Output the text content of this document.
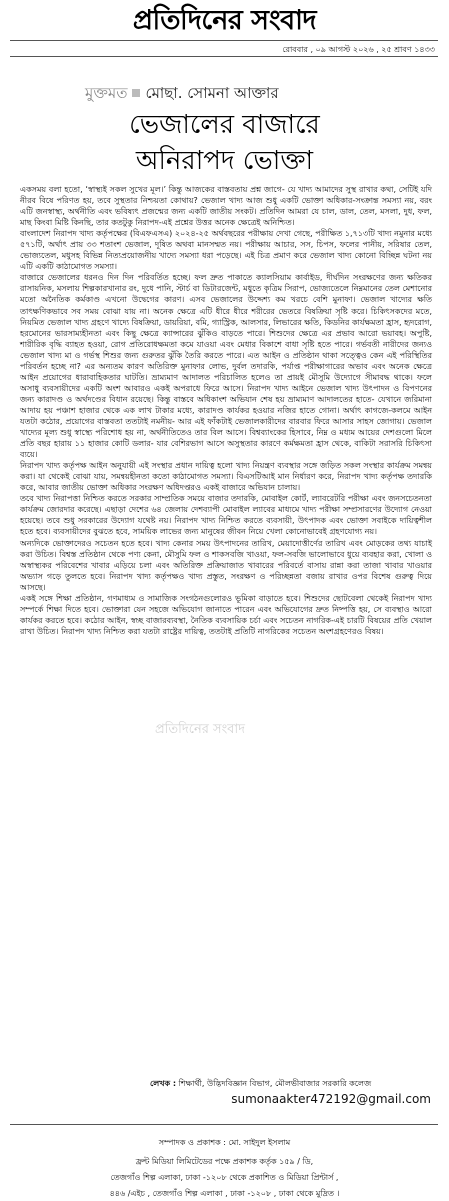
প্রতিদিনের সংবাদ
রোববার , ০৯ আগস্ট ২০২৬ , ২৫ শ্রাবণ ১৪৩৩
মুক্তমত মোছা. সোমনা আক্তার
ভেজালের বাজারে
অনিরাপদ ভোক্তা

একসময় বলা হতো, ‘স্বাস্থ্যই সকল সুখের মূল।’ কিন্তু আজকের বাস্তবতায় প্রশ্ন জাগে- যে খাদ্য আমাদের সুস্থ রাখার কথা, সেটিই যদি নীরব বিষে পরিণত হয়, তবে সুস্থতার নিশ্চয়তা কোথায়? ভেজাল খাদ্য আজ শুধু একটি ভোক্তা অধিকার-সংক্রান্ত সমস্যা নয়, বরং এটি জনস্বাস্থ্য, অর্থনীতি এবং ভবিষ্যৎ প্রজন্মের জন্য একটি জাতীয় সংকট। প্রতিদিন আমরা যে চাল, ডাল, তেল, মসলা, দুধ, ফল, মাছ কিংবা মিষ্টি কিনছি, তার কতটুকু নিরাপদ-এই প্রশ্নের উত্তর অনেক ক্ষেত্রেই অনিশ্চিত।

বাংলাদেশ নিরাপদ খাদ্য কর্তৃপক্ষের (বিএফএসএ) ২০২৪-২৫ অর্থবছরের পরীক্ষায় দেখা গেছে, পরীক্ষিত ১,৭১৩টি খাদ্য নমুনার মধ্যে ৫৭১টি, অর্থাৎ প্রায় ৩৩ শতাংশ ভেজাল, দূষিত অথবা মানসম্মত নয়। পরীক্ষায় আচার, সস, চিপস, ফলের পানীয়, সরিষার তেল, ভোজ্যতেল, মধুসহ বিভিন্ন নিত্যপ্রয়োজনীয় খাদ্যে সমস্যা ধরা পড়েছে। এই চিত্র প্রমাণ করে ভেজাল খাদ্য কোনো বিচ্ছিন্ন ঘটনা নয় এটি একটি কাঠামোগত সমস্যা।

বাজারে ভেজালের ধরনও দিন দিন পরিবর্তিত হচ্ছে। ফল দ্রুত পাকাতে ক্যালসিয়াম কার্বাইড, দীর্ঘদিন সংরক্ষণের জন্য ক্ষতিকর রাসায়নিক, মসলায় শিল্পকারখানার রং, দুধে পানি, স্টার্চ বা ডিটারজেন্ট, মধুতে কৃত্রিম সিরাপ, ভোজ্যতেলে নিম্নমানের তেল মেশানোর মতো অনৈতিক কর্মকাণ্ড এখনো উদ্বেগের কারণ। এসব ভেজালের উদ্দেশ্য কম খরচে বেশি মুনাফা। ভেজাল খাদ্যের ক্ষতি তাৎক্ষণিকভাবে সব সময় বোঝা যায় না। অনেক ক্ষেত্রে এটি ধীরে ধীরে শরীরের ভেতরে বিষক্রিয়া সৃষ্টি করে। চিকিৎসকদের মতে, নিয়মিত ভেজাল খাদ্য গ্রহণে খাদ্যে বিষক্রিয়া, ডায়রিয়া, বমি, গ্যাস্ট্রিক, আলসার, লিভারের ক্ষতি, কিডনির কার্যক্ষমতা হ্রাস, হৃদরোগ, হরমোনের ভারসাম্যহীনতা এবং কিছু ক্ষেত্রে ক্যান্সারের ঝুঁকিও বাড়তে পারে। শিশুদের ক্ষেত্রে এর প্রভাব আরো ভয়াবহ। অপুষ্টি, শারীরিক বৃদ্ধি ব্যাহত হওয়া, রোগ প্রতিরোধক্ষমতা কমে যাওয়া এবং মেধার বিকাশে বাধা সৃষ্টি হতে পারে। গর্ভবতী নারীদের জন্যও ভেজাল খাদ্য মা ও গর্ভস্থ শিশুর জন্য গুরুতর ঝুঁকি তৈরি করতে পারে। এত আইন ও প্রতিষ্ঠান থাকা সত্ত্বেও কেন এই পরিস্থিতির পরিবর্তন হচ্ছে না? এর অন্যতম কারণ অতিরিক্ত মুনাফার লোভ, দুর্বল তদারকি, পর্যাপ্ত পরীক্ষাগারের অভাব এবং অনেক ক্ষেত্রে আইন প্রয়োগের ধারাবাহিকতার ঘাটতি। ভ্রাম্যমাণ আদালত পরিচালিত হলেও তা প্রায়ই মৌসুমি উদ্যোগে সীমাবদ্ধ থাকে। ফলে অসাধু ব্যবসায়ীদের একটি অংশ আবারও একই অপরাধে ফিরে আসে। নিরাপদ খাদ্য আইনে ভেজাল খাদ্য উৎপাদন ও বিপণনের জন্য কারাদণ্ড ও অর্থদণ্ডের বিধান রয়েছে। কিন্তু বাস্তবে অধিকাংশ অভিযান শেষ হয় ভ্রাম্যমাণ আদালতের হাতে- যেখানে জরিমানা আদায় হয় পঞ্চাশ হাজার থেকে এক লাখ টাকার মধ্যে, কারাদণ্ড কার্যকর হওয়ার নজির হাতে গোনা। অর্থাৎ কাগজে-কলমে আইন যতটা কঠোর, প্রয়োগের বাস্তবতা ততটাই নমনীয়- আর এই ফাঁকটাই ভেজালকারীদের বারবার ফিরে আসার সাহস জোগায়। ভেজাল খাদ্যের মূল্য শুধু স্বাস্থ্যে পরিশোধ হয় না, অর্থনীতিতেও তার বিল আসে। বিশ্বব্যাংকের হিসাবে, নিম্ন ও মধ্যম আয়ের দেশগুলো মিলে প্রতি বছর হারায় ১১ হাজার কোটি ডলার- যার বেশিরভাগ আসে অসুস্থতার কারণে কর্মক্ষমতা হ্রাস থেকে, বাকিটা সরাসরি চিকিৎসা ব্যয়ে।

নিরাপদ খাদ্য কর্তৃপক্ষ আইন অনুযায়ী এই সংস্থার প্রধান দায়িত্ব হলো খাদ্য নিয়ন্ত্রণ ব্যবস্থার সঙ্গে জড়িত সকল সংস্থার কার্যক্রম সমন্বয় করা। যা থেকেই বোঝা যায়, সমন্বয়হীনতা কতো কাঠামোগত সমস্যা। বিএসটিআই মান নির্ধারণ করে, নিরাপদ খাদ্য কর্তৃপক্ষ তদারকি করে, আবার জাতীয় ভোক্তা অধিকার সংরক্ষণ অধিদপ্তরও একই বাজারে অভিযান চালায়।

তবে খাদ্য নিরাপত্তা নিশ্চিত করতে সরকার সাম্প্রতিক সময়ে বাজার তদারকি, মোবাইল কোর্ট, ল্যাবরেটরি পরীক্ষা এবং জনসচেতনতা কার্যক্রম জোরদার করেছে। এছাড়া দেশের ৬৪ জেলায় দেশব্যাপী মোবাইল ল্যাবের মাধ্যমে খাদ্য পরীক্ষা সম্প্রসারণের উদ্যোগ নেওয়া হয়েছে। তবে শুধু সরকারের উদ্যোগ যথেষ্ট নয়। নিরাপদ খাদ্য নিশ্চিত করতে ব্যবসায়ী, উৎপাদক এবং ভোক্তা সবাইকে দায়িত্বশীল হতে হবে। ব্যবসায়ীদের বুঝতে হবে, সাময়িক লাভের জন্য মানুষের জীবন নিয়ে খেলা কোনোভাবেই গ্রহণযোগ্য নয়।

অন্যদিকে ভোক্তাদেরও সচেতন হতে হবে। খাদ্য কেনার সময় উৎপাদনের তারিখ, মেয়াদোত্তীর্ণের তারিখ এবং মোড়কের তথ্য যাচাই করা উচিত। বিশ্বস্ত প্রতিষ্ঠান থেকে পণ্য কেনা, মৌসুমি ফল ও শাকসবজি খাওয়া, ফল-সবজি ভালোভাবে ধুয়ে ব্যবহার করা, খোলা ও অস্বাস্থ্যকর পরিবেশের খাবার এড়িয়ে চলা এবং অতিরিক্ত প্রক্রিয়াজাত খাবারের পরিবর্তে বাসায় রান্না করা তাজা খাবার খাওয়ার অভ্যাস গড়ে তুলতে হবে। নিরাপদ খাদ্য কর্তৃপক্ষও খাদ্য প্রস্তুত, সংরক্ষণ ও পরিচ্ছন্নতা বজায় রাখার ওপর বিশেষ গুরুত্ব দিয়ে আসছে।

একই সঙ্গে শিক্ষা প্রতিষ্ঠান, গণমাধ্যম ও সামাজিক সংগঠনগুলোরও ভূমিকা বাড়াতে হবে। শিশুদের ছোটবেলা থেকেই নিরাপদ খাদ্য সম্পর্কে শিক্ষা দিতে হবে। ভোক্তারা যেন সহজে অভিযোগ জানাতে পারেন এবং অভিযোগের দ্রুত নিষ্পত্তি হয়, সে ব্যবস্থাও আরো কার্যকর করতে হবে। কঠোর আইন, স্বচ্ছ বাজারব্যবস্থা, নৈতিক ব্যবসায়িক চর্চা এবং সচেতন নাগরিক-এই চারটি বিষয়ের প্রতি খেয়াল রাখা উচিত। নিরাপদ খাদ্য নিশ্চিত করা যতটা রাষ্ট্রের দায়িত্ব, ততটাই প্রতিটি নাগরিকের সচেতন অংশগ্রহণেরও বিষয়।

প্রতিদিনের সংবাদ
লেখক : শিক্ষার্থী, উদ্ভিদবিজ্ঞান বিভাগ, মৌলভীবাজার সরকারি কলেজ
sumonaakter472192@gmail.com
সম্পাদক ও প্রকাশক : মো. সাইদুল ইসলাম
ফ্রন্ট মিডিয়া লিমিটেডের পক্ষে প্রকাশক কর্তৃক ১৫৯ / ডি,
তেজগাঁও শিল্প এলাকা, ঢাকা -১২০৮ থেকে প্রকাশিত ও মিডিয়া প্রিন্টার্স ,
৪৪৬ /এইচ , তেজগাঁও শিল্প এলাকা , ঢাকা -১২০৮ , ঢাকা থেকে মুদ্রিত ।
